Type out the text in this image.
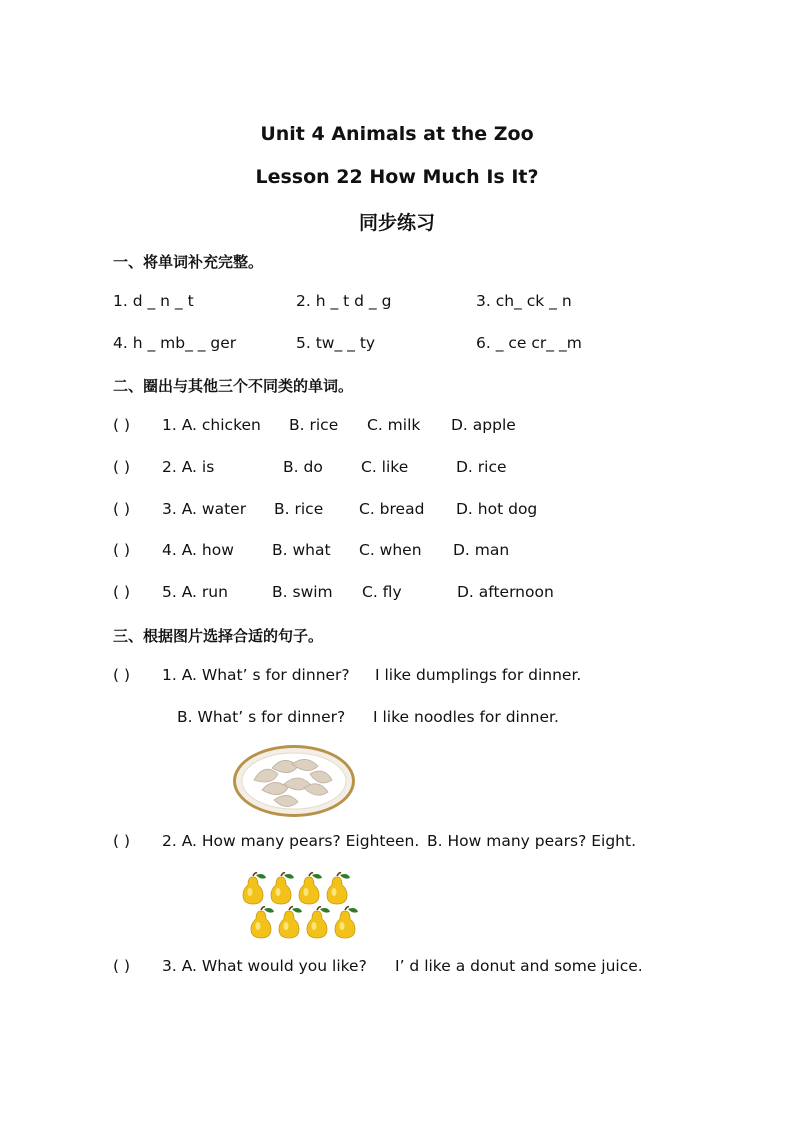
Unit 4 Animals at the Zoo
Lesson 22 How Much Is It?
同步练习
一、将单词补充完整。
1. d _ n _ t	2. h _ t d _ g	3. ch_ ck _ n
4. h _ mb_ _ ger	5. tw_ _ ty	6. _ ce cr_ _m
二、圈出与其他三个不同类的单词。
( ) 1. A. chicken B. rice C. milk D. apple
( ) 2. A. is	B. do C. like	D. rice
( ) 3. A. water B. rice C. bread D. hot dog
( ) 4. A. how B. what C. when D. man
( ) 5. A. run	B. swim C. fly	D. afternoon
三、根据图片选择合适的句子。
( ) 1. A. What’ s for dinner? I like dumplings for dinner.
B. What’ s for dinner? I like noodles for dinner.
( ) 2. A. How many pears? Eighteen. B. How many pears? Eight.
( ) 3. A. What would you like? I’ d like a donut and some juice.
